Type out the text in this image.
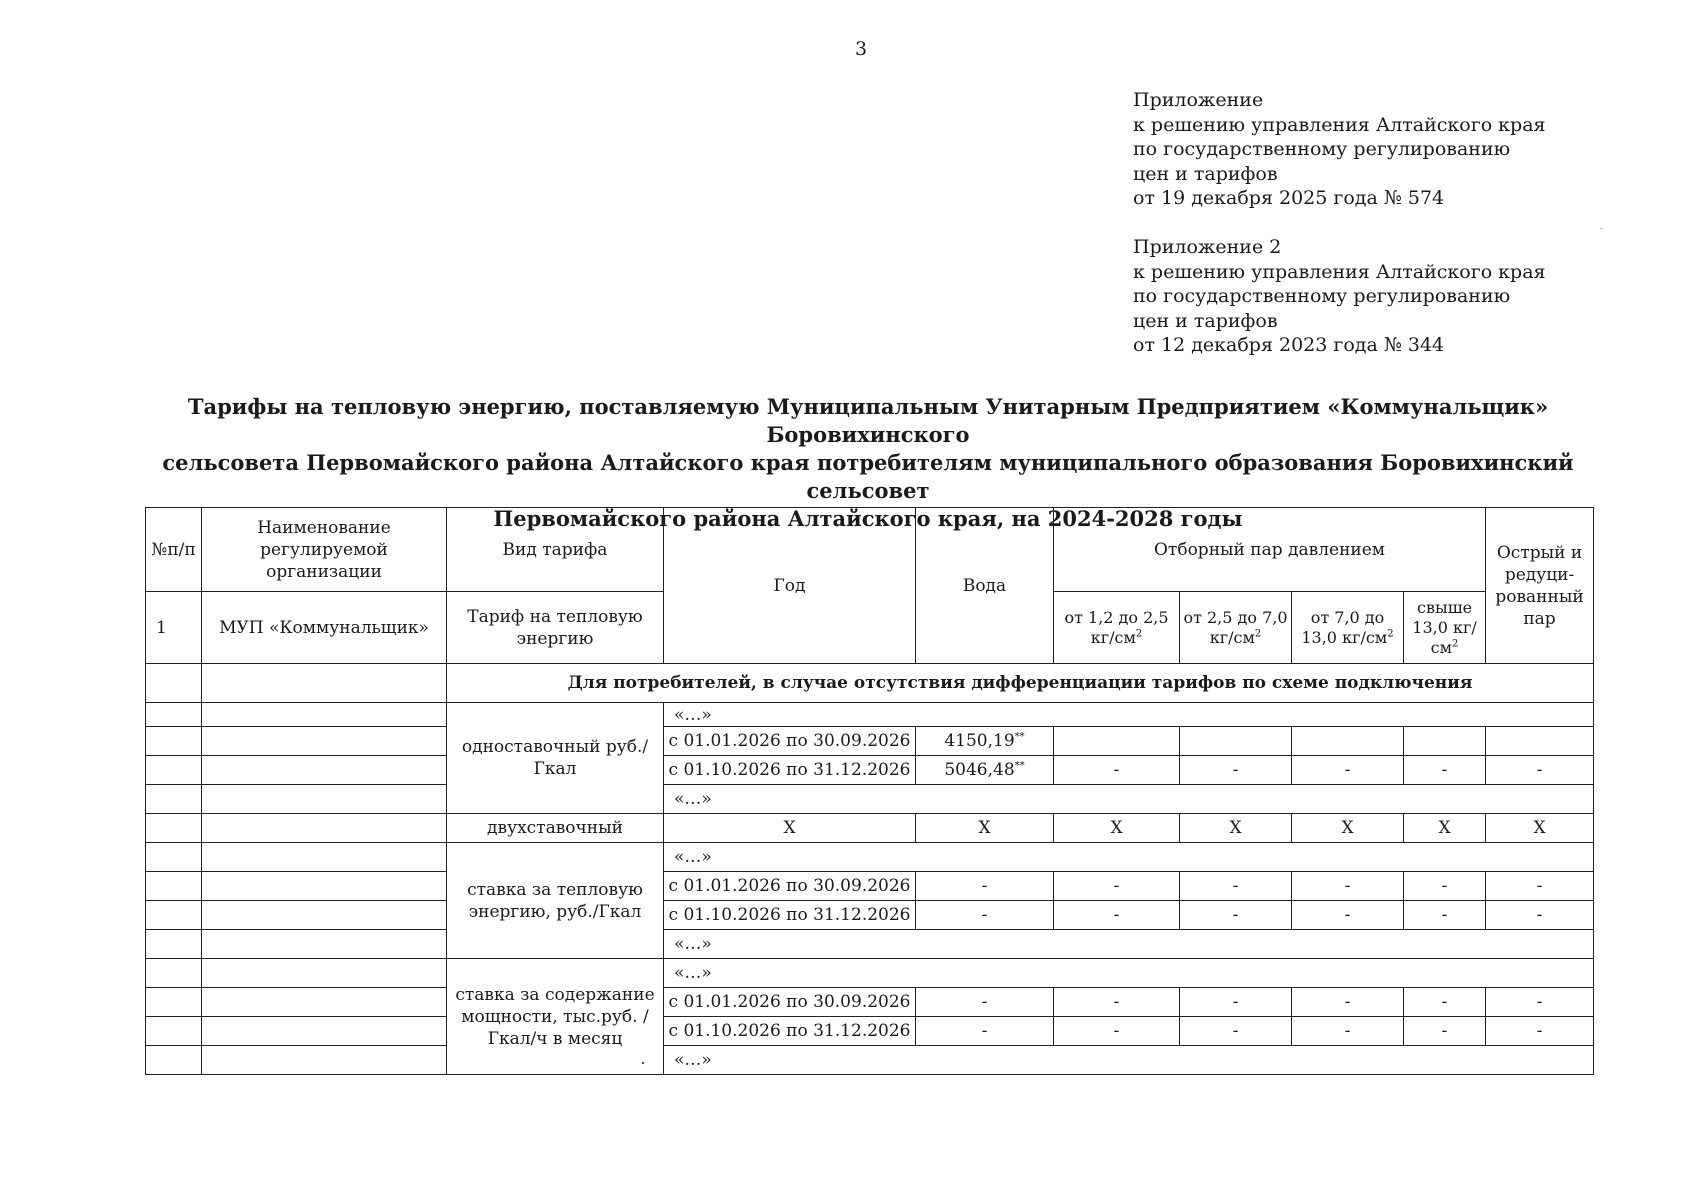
3
Приложение
к решению управления Алтайского края
по государственному регулированию
цен и тарифов
от 19 декабря 2025 года № 574
Приложение 2
к решению управления Алтайского края
по государственному регулированию
цен и тарифов
от 12 декабря 2023 года № 344
Тарифы на тепловую энергию, поставляемую Муниципальным Унитарным Предприятием «Коммунальщик» Боровихинского
сельсовета Первомайского района Алтайского края потребителям муниципального образования Боровихинский сельсовет
Первомайского района Алтайского края, на 2024-2028 годы
№п/п	Наименование регулируемой организации	Вид тарифа	Год	Вода	Отборный пар давлением				Острый и редуци-рованный пар
1	МУП «Коммунальщик»	Тариф на тепловую энергию			от 1,2 до 2,5 $кг/см^2$	от 2,5 до 7,0 $кг/см^2$	от 7,0 до 13,0 $кг/см^2$	свыше 13,0 $кг/см^2$
		Для потребителей, в случае отсутствия дифференциации тарифов по схеме подключения							
		одноставочный руб./Гкал	«…»						
			с 01.01.2026 по 30.09.2026	4150,19**					
			с 01.10.2026 по 31.12.2026	5046,48**	-	-	-	-	-
			«…»						
		двухставочный	X	X	X	X	X	X	X
		ставка за тепловую энергию, руб./Гкал	«…»						
			с 01.01.2026 по 30.09.2026	-	-	-	-	-	-
			с 01.10.2026 по 31.12.2026	-	-	-	-	-	-
			«…»						
		ставка за содержание мощности, тыс.руб. /Гкал/ч в месяц	«…»						
			с 01.01.2026 по 30.09.2026	-	-	-	-	-	-
			с 01.10.2026 по 31.12.2026	-	-	-	-	-	-
			«…»						
